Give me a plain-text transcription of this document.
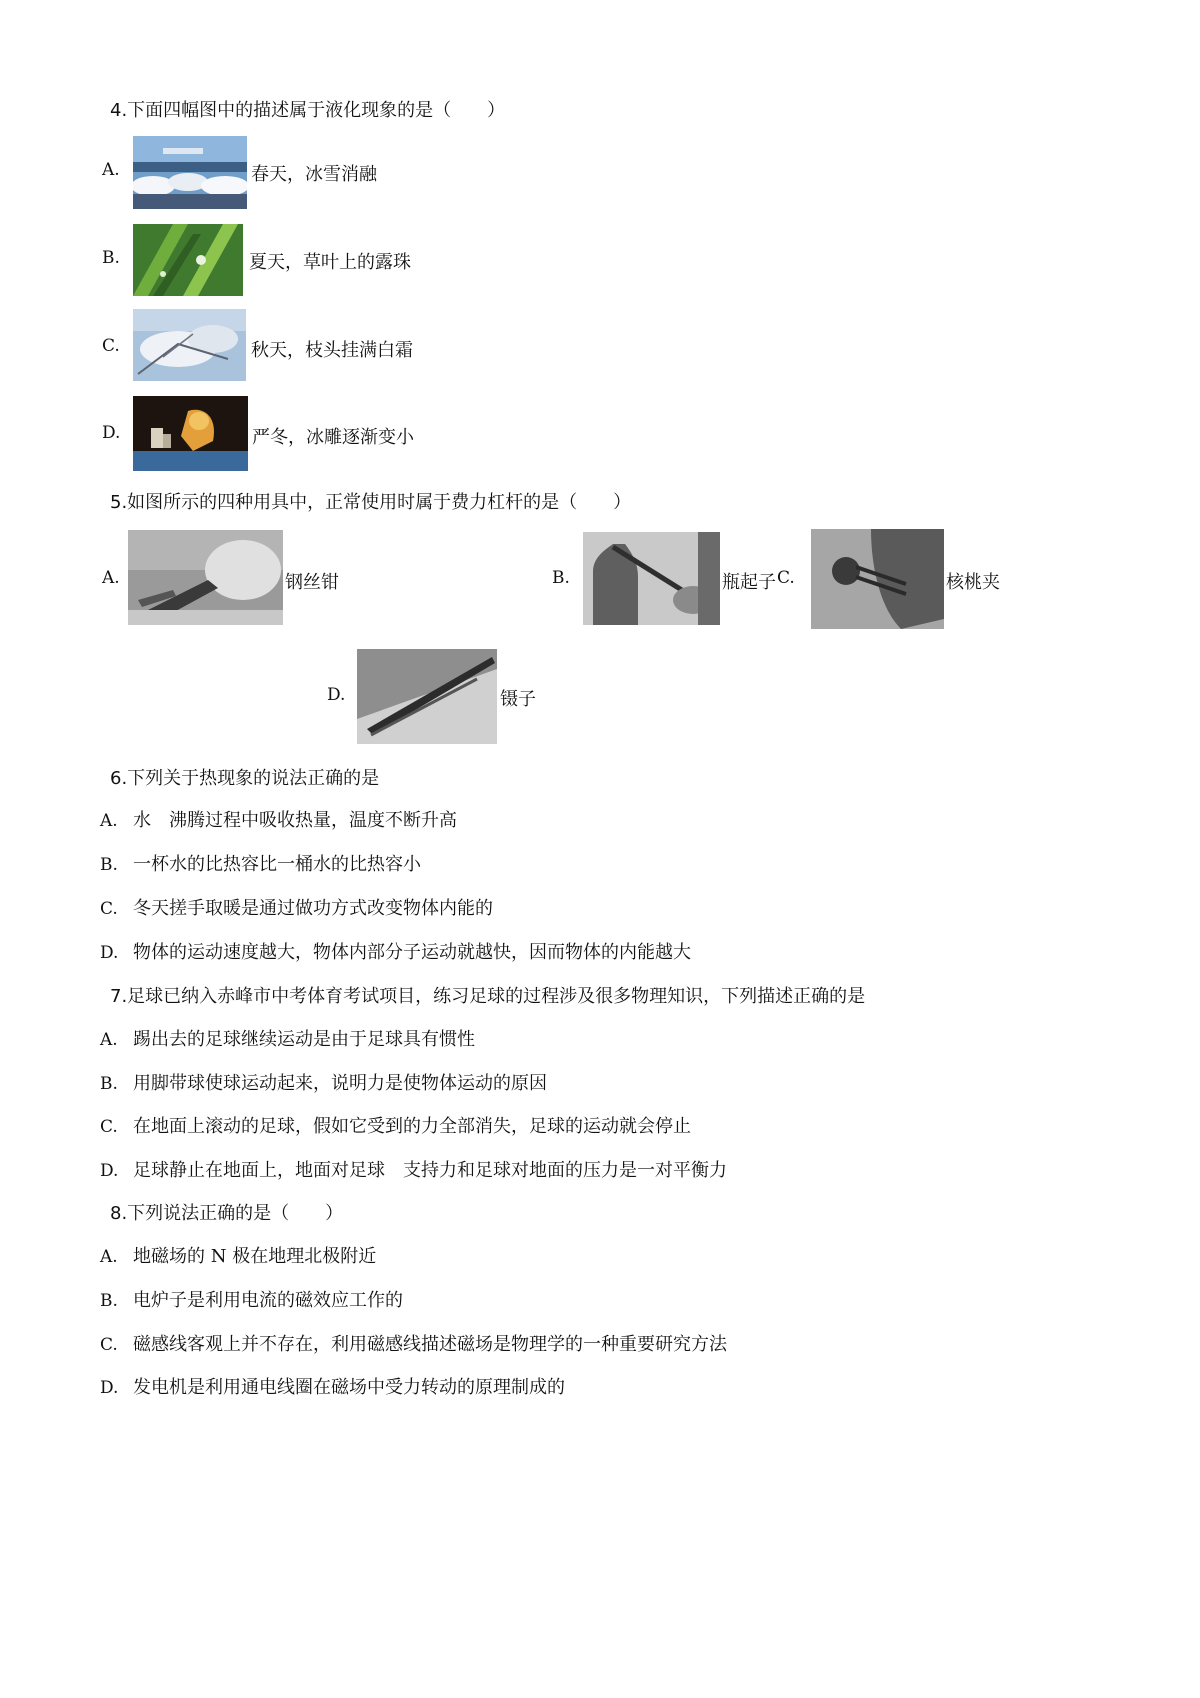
4.下面四幅图中的描述属于液化现象的是（　　）
A.	春天，冰雪消融
B.	夏天，草叶上的露珠
C.	秋天，枝头挂满白霜
D.	严冬，冰雕逐渐变小
5.如图所示的四种用具中，正常使用时属于费力杠杆的是（　　）
A.	钢丝钳	B.	瓶起子 C.	核桃夹
D.	镊子
6.下列关于热现象的说法正确的是
A. 水　沸腾过程中吸收热量，温度不断升高
B. 一杯水的比热容比一桶水的比热容小
C. 冬天搓手取暖是通过做功方式改变物体内能的
D. 物体的运动速度越大，物体内部分子运动就越快，因而物体的内能越大
7.足球已纳入赤峰市中考体育考试项目，练习足球的过程涉及很多物理知识，下列描述正确的是
A. 踢出去的足球继续运动是由于足球具有惯性
B. 用脚带球使球运动起来，说明力是使物体运动的原因
C. 在地面上滚动的足球，假如它受到的力全部消失，足球的运动就会停止
D. 足球静止在地面上，地面对足球　支持力和足球对地面的压力是一对平衡力
8.下列说法正确的是（　　）
A. 地磁场的 N 极在地理北极附近
B. 电炉子是利用电流的磁效应工作的
C. 磁感线客观上并不存在，利用磁感线描述磁场是物理学的一种重要研究方法
D. 发电机是利用通电线圈在磁场中受力转动的原理制成的
